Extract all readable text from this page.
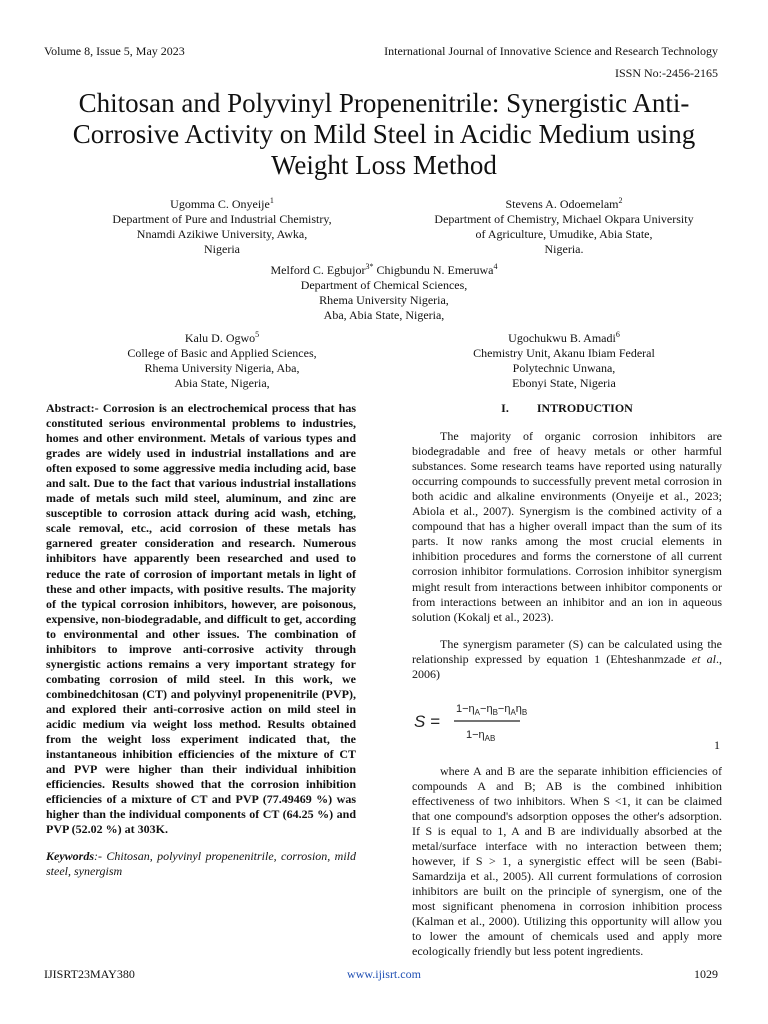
Volume 8, Issue 5, May 2023	International Journal of Innovative Science and Research Technology
ISSN No:-2456-2165
Chitosan and Polyvinyl Propenenitrile: Synergistic Anti-Corrosive Activity on Mild Steel in Acidic Medium using Weight Loss Method
Ugomma C. Onyeije$^1$
Department of Pure and Industrial Chemistry,
Nnamdi Azikiwe University, Awka,
Nigeria
Stevens A. Odoemelam$^2$
Department of Chemistry, Michael Okpara University
of Agriculture, Umudike, Abia State,
Nigeria.
Melford C. Egbujor$^{3*}$ Chigbundu N. Emeruwa$^4$
Department of Chemical Sciences,
Rhema University Nigeria,
Aba, Abia State, Nigeria,
Kalu D. Ogwo$^5$
College of Basic and Applied Sciences,
Rhema University Nigeria, Aba,
Abia State, Nigeria,
Ugochukwu B. Amadi$^6$
Chemistry Unit, Akanu Ibiam Federal
Polytechnic Unwana,
Ebonyi State, Nigeria

Abstract:- Corrosion is an electrochemical process that has constituted serious environmental problems to industries, homes and other environment. Metals of various types and grades are widely used in industrial installations and are often exposed to some aggressive media including acid, base and salt. Due to the fact that various industrial installations made of metals such mild steel, aluminum, and zinc are susceptible to corrosion attack during acid wash, etching, scale removal, etc., acid corrosion of these metals has garnered greater consideration and research. Numerous inhibitors have apparently been researched and used to reduce the rate of corrosion of important metals in light of these and other impacts, with positive results. The majority of the typical corrosion inhibitors, however, are poisonous, expensive, non-biodegradable, and difficult to get, according to environmental and other issues. The combination of inhibitors to improve anti-corrosive activity through synergistic actions remains a very important strategy for combating corrosion of mild steel. In this work, we combinedchitosan (CT) and polyvinyl propenenitrile (PVP), and explored their anti-corrosive action on mild steel in acidic medium via weight loss method. Results obtained from the weight loss experiment indicated that, the instantaneous inhibition efficiencies of the mixture of CT and PVP were higher than their individual inhibition efficiencies. Results showed that the corrosion inhibition efficiencies of a mixture of CT and PVP (77.49469 %) was higher than the individual components of CT (64.25 %) and PVP (52.02 %) at 303K.

Keywords:- Chitosan, polyvinyl propenenitrile, corrosion, mild steel, synergism

I. INTRODUCTION

The majority of organic corrosion inhibitors are biodegradable and free of heavy metals or other harmful substances. Some research teams have reported using naturally occurring compounds to successfully prevent metal corrosion in both acidic and alkaline environments (Onyeije et al., 2023; Abiola et al., 2007). Synergism is the combined activity of a compound that has a higher overall impact than the sum of its parts. It now ranks among the most crucial elements in inhibition procedures and forms the cornerstone of all current corrosion inhibitor formulations. Corrosion inhibitor synergism might result from interactions between inhibitor components or from interactions between an inhibitor and an ion in aqueous solution (Kokalj et al., 2023).

The synergism parameter (S) can be calculated using the relationship expressed by equation 1 (Ehteshanmzade et al., 2006)

S =
$1-\eta_A-\eta_B-\eta_A\eta_B$
$1-\eta_AB$	1

where A and B are the separate inhibition efficiencies of compounds A and B; AB is the combined inhibition effectiveness of two inhibitors. When S <1, it can be claimed that one compound's adsorption opposes the other's adsorption. If S is equal to 1, A and B are individually absorbed at the metal/surface interface with no interaction between them; however, if S > 1, a synergistic effect will be seen (Babi-Samardzija et al., 2005). All current formulations of corrosion inhibitors are built on the principle of synergism, one of the most significant phenomena in corrosion inhibition process (Kalman et al., 2000). Utilizing this opportunity will allow you to lower the amount of chemicals used and apply more ecologically friendly but less potent ingredients.

IJISRT23MAY380	www.ijisrt.com	1029
